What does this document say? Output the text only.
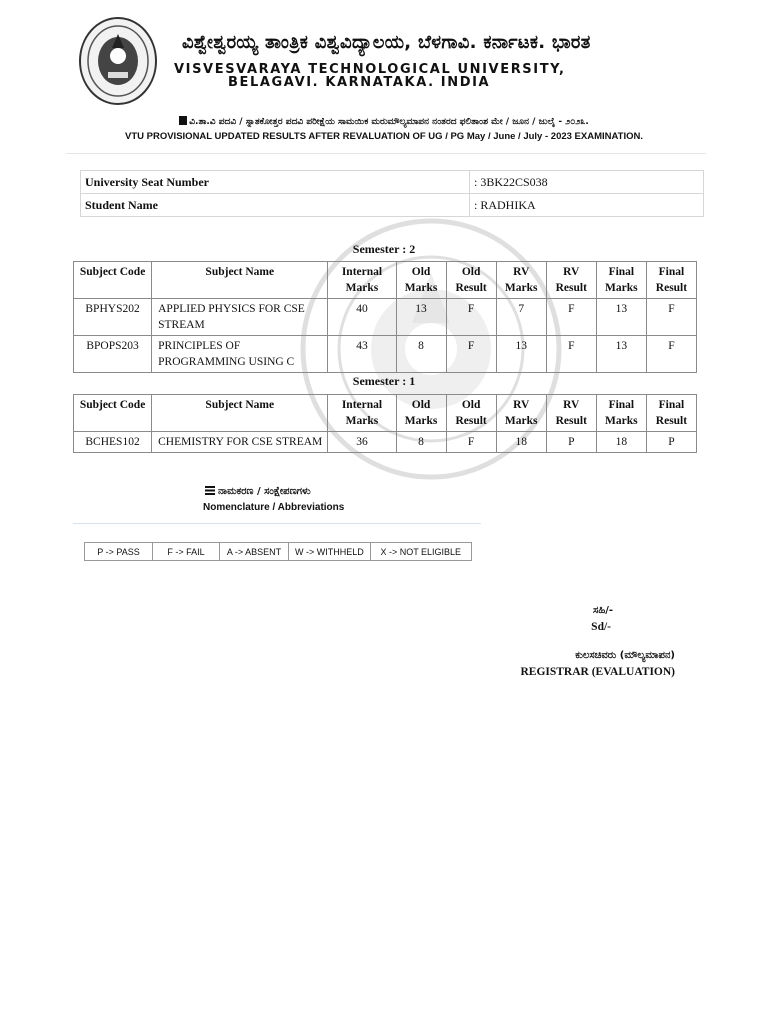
ವಿಶ್ವೇಶ್ವರಯ್ಯ ತಾಂತ್ರಿಕ ವಿಶ್ವವಿದ್ಯಾಲಯ, ಬೆಳಗಾವಿ. ಕರ್ನಾಟಕ. ಭಾರತ
VISVESVARAYA TECHNOLOGICAL UNIVERSITY,
BELAGAVI. KARNATAKA. INDIA
ವಿ.ತಾ.ವಿ ಪದವಿ / ಸ್ನಾತಕೋತ್ತರ ಪದವಿ ಪರೀಕ್ಷೆಯ ಸಾಮಯಿಕ ಮರುಮೌಲ್ಯಮಾಪನ ನಂತರದ ಫಲಿತಾಂಶ ಮೇ / ಜೂನ / ಜುಲೈ - ೨೦೨೩.
VTU PROVISIONAL UPDATED RESULTS AFTER REVALUATION OF UG / PG May / June / July - 2023 EXAMINATION.
University Seat Number	: 3BK22CS038
Student Name	: RADHIKA
Semester : 2
Subject Code	Subject Name	Internal Marks	Old Marks	Old Result	RV Marks	RV Result	Final Marks	Final Result
BPHYS202	APPLIED PHYSICS FOR CSE STREAM	40	13	F	7	F	13	F
BPOPS203	PRINCIPLES OF PROGRAMMING USING C	43	8	F	13	F	13	F
Semester : 1
Subject Code	Subject Name	Internal Marks	Old Marks	Old Result	RV Marks	RV Result	Final Marks	Final Result
BCHES102	CHEMISTRY FOR CSE STREAM	36	8	F	18	P	18	P
ನಾಮಕರಣ / ಸಂಕ್ಷೇಪಣಗಳು
Nomenclature / Abbreviations
P -> PASS	F -> FAIL	A -> ABSENT	W -> WITHHELD	X -> NOT ELIGIBLE
ಸಹಿ/-
Sd/-
ಕುಲಸಚಿವರು (ಮೌಲ್ಯಮಾಪನ)
REGISTRAR (EVALUATION)
